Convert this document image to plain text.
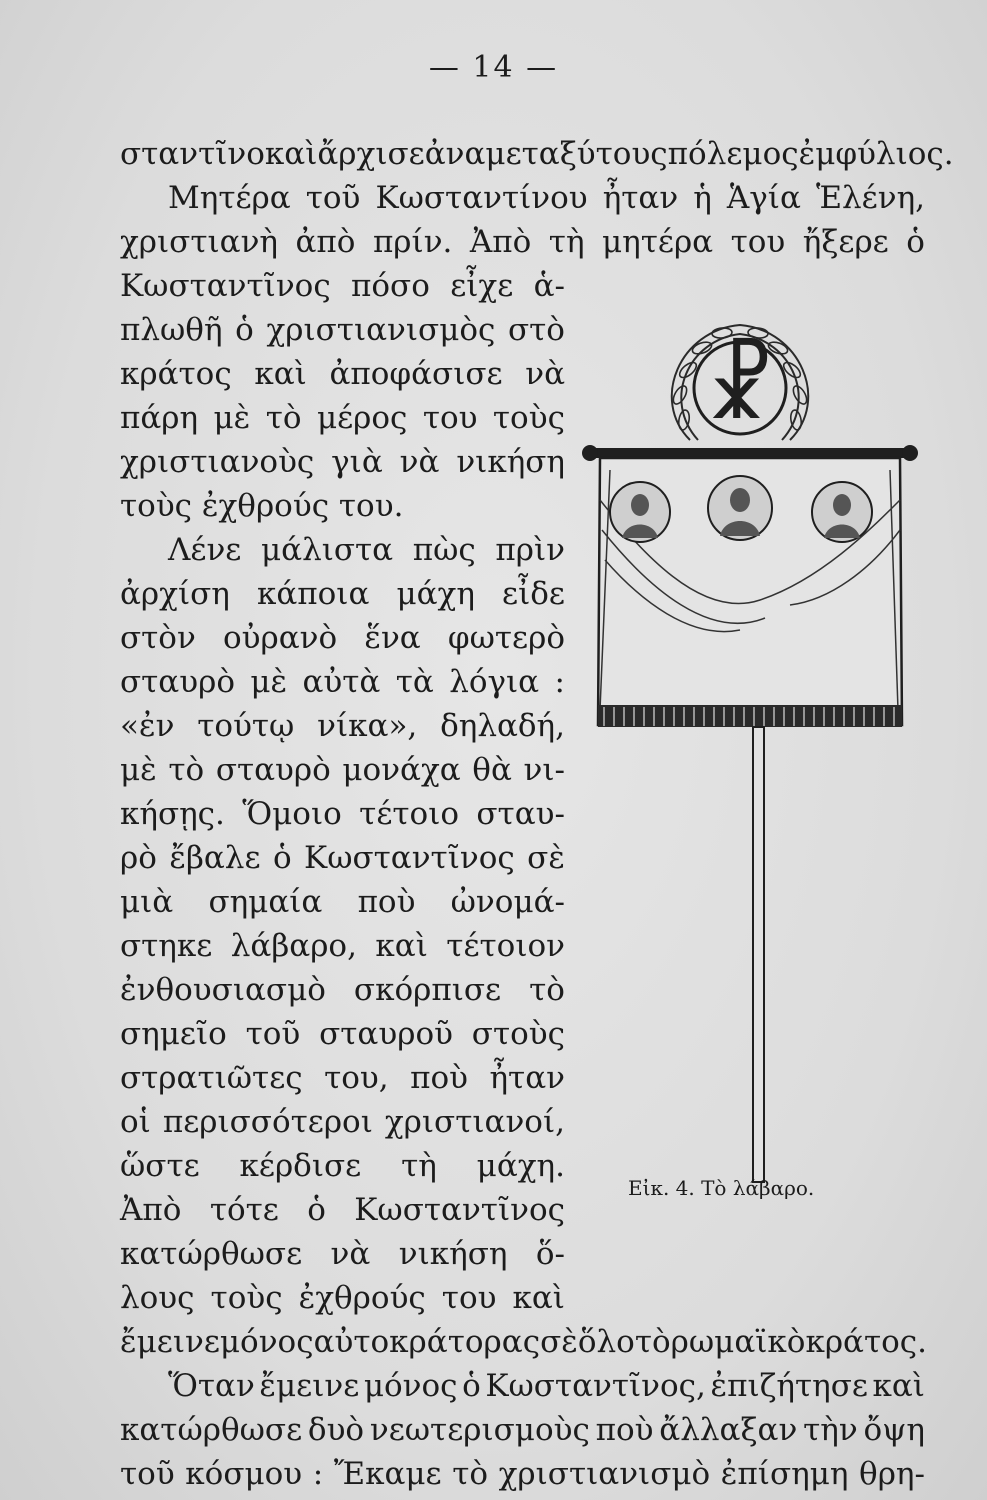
— 14 —
σταντῖνο καὶ ἄρχισε ἀναμεταξύ τους πόλεμος ἐμφύλιος.
Μητέρα τοῦ Κωσταντίνου ἦταν ἡ Ἁγία Ἑλένη,
χριστιανὴ ἀπὸ πρίν. Ἀπὸ τὴ μητέρα του ἤξερε ὁ
Κωσταντῖνος πόσο εἶχε ἁ-
πλωθῆ ὁ χριστιανισμὸς στὸ
κράτος καὶ ἀποφάσισε νὰ
πάρη μὲ τὸ μέρος του τοὺς
χριστιανοὺς γιὰ νὰ νικήση
τοὺς ἐχθρούς του.
Λένε μάλιστα πὼς πρὶν
ἀρχίση κάποια μάχη εἶδε
στὸν οὐρανὸ ἕνα φωτερὸ
σταυρὸ μὲ αὐτὰ τὰ λόγια :
«ἐν τούτῳ νίκα», δηλαδή,
μὲ τὸ σταυρὸ μονάχα θὰ νι-
κήσῃς. Ὅμοιο τέτοιο σταυ-
ρὸ ἔβαλε ὁ Κωσταντῖνος σὲ
μιὰ σημαία ποὺ ὠνομά-
στηκε λάβαρο, καὶ τέτοιον
ἐνθουσιασμὸ σκόρπισε τὸ
σημεῖο τοῦ σταυροῦ στοὺς
στρατιῶτες του, ποὺ ἦταν
οἱ περισσότεροι χριστιανοί,
ὥστε κέρδισε τὴ μάχη.
Ἀπὸ τότε ὁ Κωσταντῖνος
κατώρθωσε νὰ νικήση ὅ-
λους τοὺς ἐχθρούς του καὶ
ἔμεινε μόνος αὐτοκράτορας σὲ ὅλο τὸ ρωμαϊκὸ κράτος.
Ὅταν ἔμεινε μόνος ὁ Κωσταντῖνος, ἐπιζήτησε καὶ
κατώρθωσε δυὸ νεωτερισμοὺς ποὺ ἄλλαξαν τὴν ὄψη
τοῦ κόσμου : Ἔκαμε τὸ χριστιανισμὸ ἐπίσημη θρη-
☧
Εἰκ. 4. Τὸ λάβαρο.
